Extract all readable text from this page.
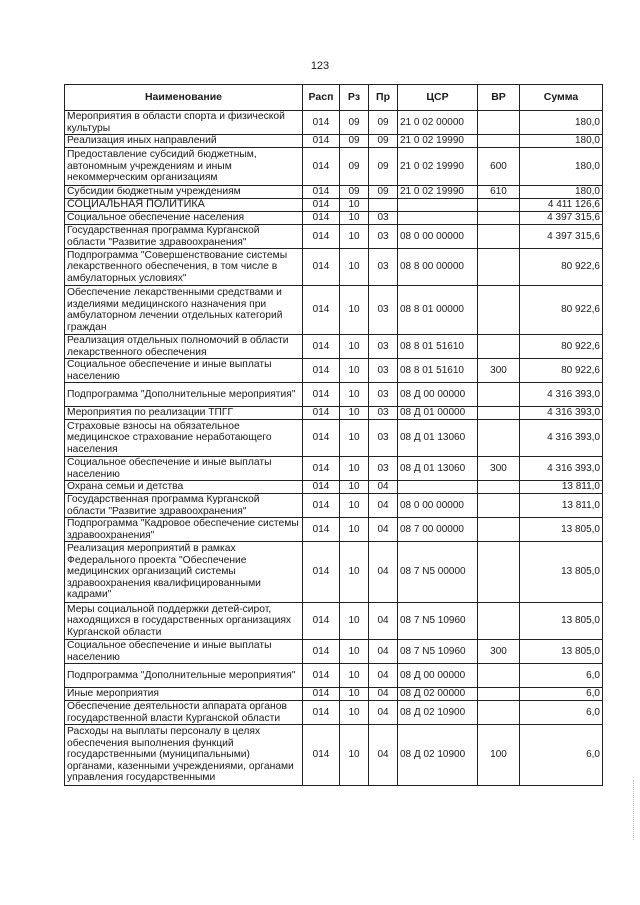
123
Наименование	Расп	Рз	Пр	ЦСР	ВР	Сумма
Мероприятия в области спорта и физической культуры	014	09	09	21 0 02 00000		180,0
Реализация иных направлений	014	09	09	21 0 02 19990		180,0
Предоставление субсидий бюджетным, автономным учреждениям и иным некоммерческим организациям	014	09	09	21 0 02 19990	600	180,0
Субсидии бюджетным учреждениям	014	09	09	21 0 02 19990	610	180,0
СОЦИАЛЬНАЯ ПОЛИТИКА	014	10				4 411 126,6
Социальное обеспечение населения	014	10	03			4 397 315,6
Государственная программа Курганской области "Развитие здравоохранения"	014	10	03	08 0 00 00000		4 397 315,6
Подпрограмма "Совершенствование системы лекарственного обеспечения, в том числе в амбулаторных условиях"	014	10	03	08 8 00 00000		80 922,6
Обеспечение лекарственными средствами и изделиями медицинского назначения при амбулаторном лечении отдельных категорий граждан	014	10	03	08 8 01 00000		80 922,6
Реализация отдельных полномочий в области лекарственного обеспечения	014	10	03	08 8 01 51610		80 922,6
Социальное обеспечение и иные выплаты населению	014	10	03	08 8 01 51610	300	80 922,6
Подпрограмма "Дополнительные мероприятия"	014	10	03	08 Д 00 00000		4 316 393,0
Мероприятия по реализации ТПГГ	014	10	03	08 Д 01 00000		4 316 393,0
Страховые взносы на обязательное медицинское страхование неработающего населения	014	10	03	08 Д 01 13060		4 316 393,0
Социальное обеспечение и иные выплаты населению	014	10	03	08 Д 01 13060	300	4 316 393,0
Охрана семьи и детства	014	10	04			13 811,0
Государственная программа Курганской области "Развитие здравоохранения"	014	10	04	08 0 00 00000		13 811,0
Подпрограмма "Кадровое обеспечение системы здравоохранения"	014	10	04	08 7 00 00000		13 805,0
Реализация мероприятий в рамках Федерального проекта "Обеспечение медицинских организаций системы здравоохранения квалифицированными кадрами"	014	10	04	08 7 N5 00000		13 805,0
Меры социальной поддержки детей-сирот, находящихся в государственных организациях Курганской области	014	10	04	08 7 N5 10960		13 805,0
Социальное обеспечение и иные выплаты населению	014	10	04	08 7 N5 10960	300	13 805,0
Подпрограмма "Дополнительные мероприятия"	014	10	04	08 Д 00 00000		6,0
Иные мероприятия	014	10	04	08 Д 02 00000		6,0
Обеспечение деятельности аппарата органов государственной власти Курганской области	014	10	04	08 Д 02 10900		6,0
Расходы на выплаты персоналу в целях обеспечения выполнения функций государственными (муниципальными) органами, казенными учреждениями, органами управления государственными	014	10	04	08 Д 02 10900	100	6,0
